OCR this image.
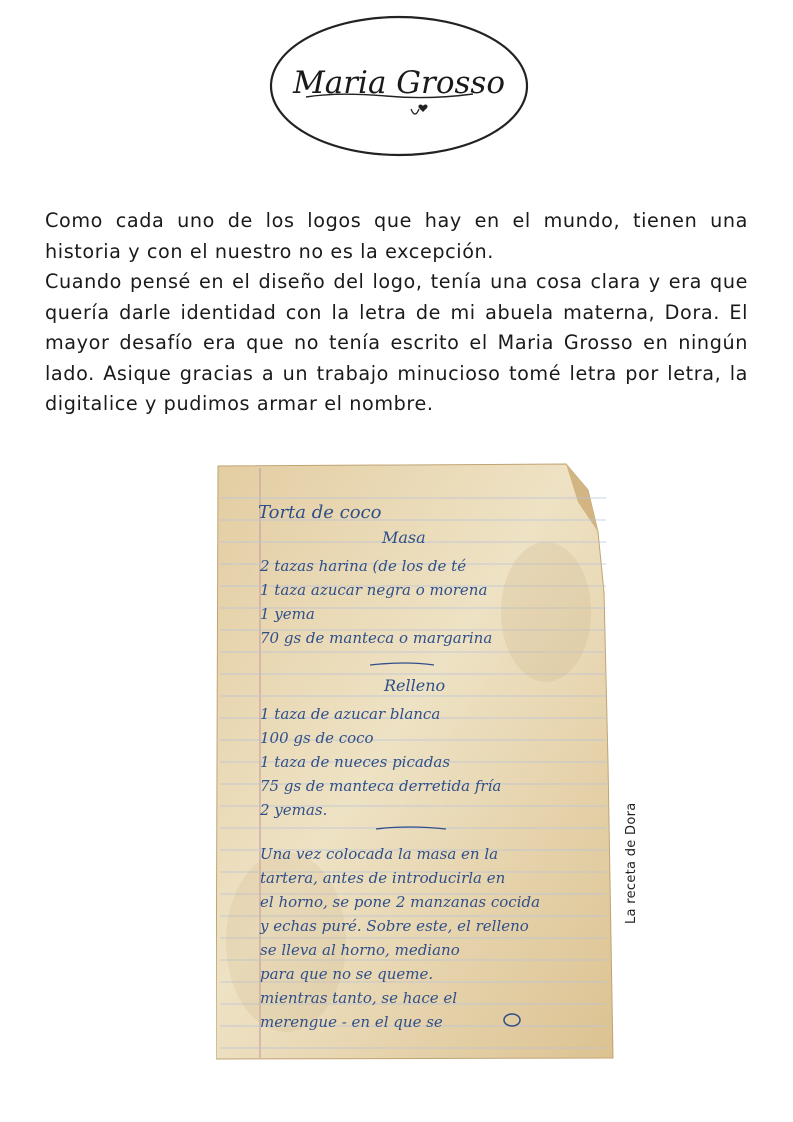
Maria Grosso

Como cada uno de los logos que hay en el mundo, tienen una historia y con el nuestro no es la excepción.

Cuando pensé en el diseño del logo, tenía una cosa clara y era que quería darle identidad con la letra de mi abuela materna, Dora. El mayor desafío era que no tenía escrito el Maria Grosso en ningún lado. Asique gracias a un trabajo minucioso tomé letra por letra, la digitalice y pudimos armar el nombre.

Torta de coco
Masa
2 tazas harina (de los de té
1 taza azucar negra o morena
1 yema
70 gs de manteca o margarina
Relleno
1 taza de azucar blanca
100 gs de coco
1 taza de nueces picadas
75 gs de manteca derretida fría
2 yemas.
Una vez colocada la masa en la
tartera, antes de introducirla en
el horno, se pone 2 manzanas cocida
y echas puré. Sobre este, el relleno
se lleva al horno, mediano
para que no se queme.
mientras tanto, se hace el
merengue - en el que se
La receta de Dora
